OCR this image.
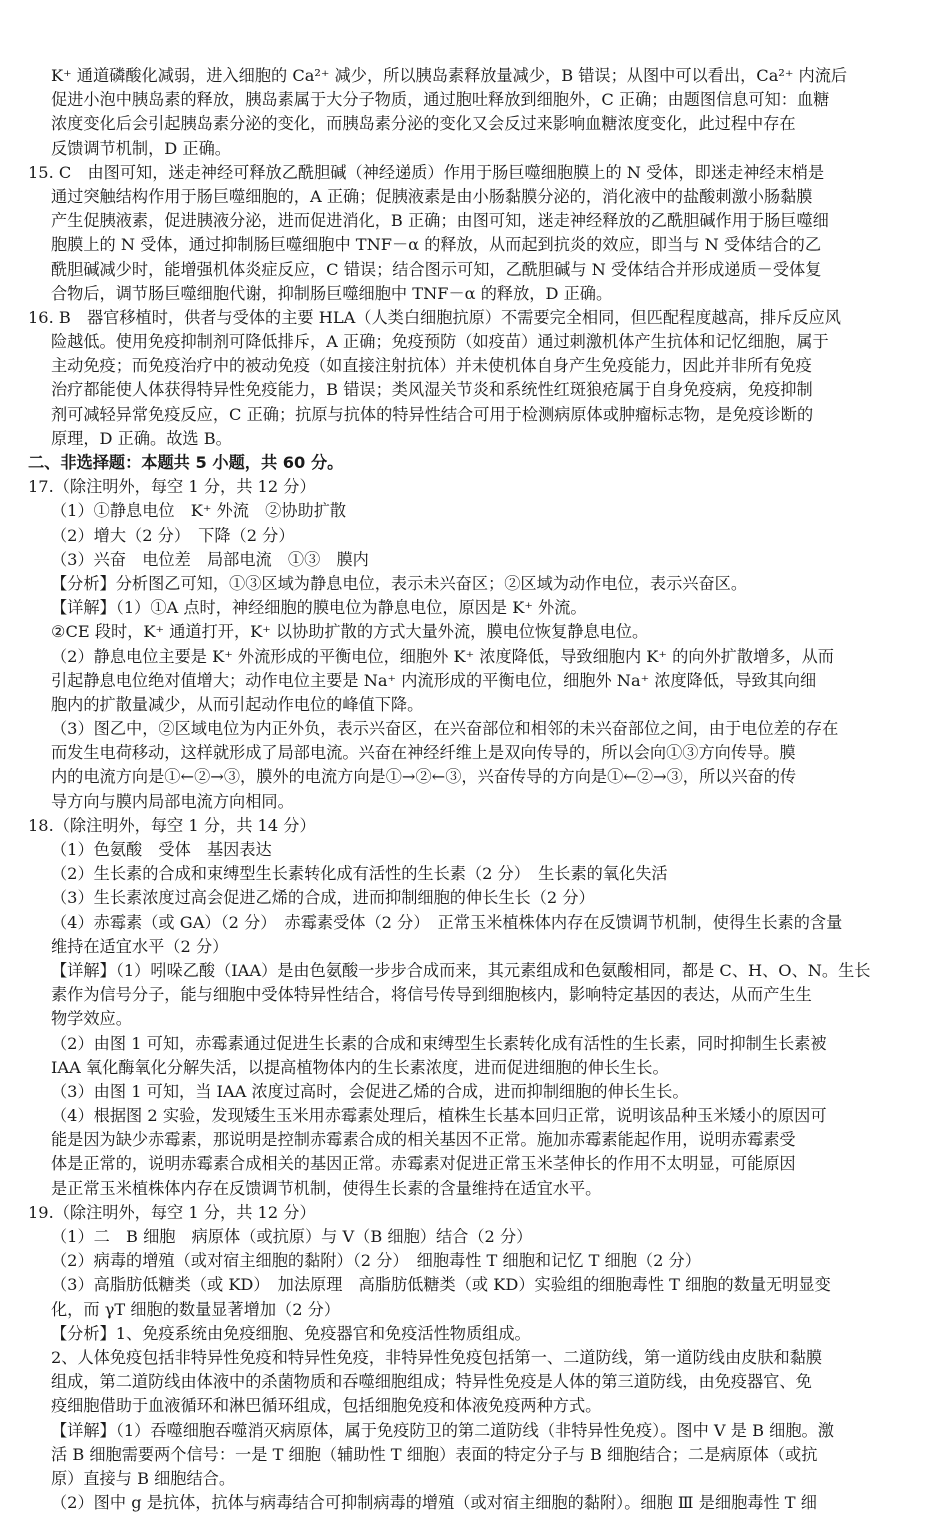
K⁺ 通道磷酸化减弱，进入细胞的 Ca²⁺ 减少，所以胰岛素释放量减少，B 错误；从图中可以看出，Ca²⁺ 内流后
促进小泡中胰岛素的释放，胰岛素属于大分子物质，通过胞吐释放到细胞外，C 正确；由题图信息可知：血糖
浓度变化后会引起胰岛素分泌的变化，而胰岛素分泌的变化又会反过来影响血糖浓度变化，此过程中存在
反馈调节机制，D 正确。
15. C　由图可知，迷走神经可释放乙酰胆碱（神经递质）作用于肠巨噬细胞膜上的 N 受体，即迷走神经末梢是
通过突触结构作用于肠巨噬细胞的，A 正确；促胰液素是由小肠黏膜分泌的，消化液中的盐酸刺激小肠黏膜
产生促胰液素，促进胰液分泌，进而促进消化，B 正确；由图可知，迷走神经释放的乙酰胆碱作用于肠巨噬细
胞膜上的 N 受体，通过抑制肠巨噬细胞中 TNF－α 的释放，从而起到抗炎的效应，即当与 N 受体结合的乙
酰胆碱减少时，能增强机体炎症反应，C 错误；结合图示可知，乙酰胆碱与 N 受体结合并形成递质－受体复
合物后，调节肠巨噬细胞代谢，抑制肠巨噬细胞中 TNF－α 的释放，D 正确。
16. B　器官移植时，供者与受体的主要 HLA（人类白细胞抗原）不需要完全相同，但匹配程度越高，排斥反应风
险越低。使用免疫抑制剂可降低排斥，A 正确；免疫预防（如疫苗）通过刺激机体产生抗体和记忆细胞，属于
主动免疫；而免疫治疗中的被动免疫（如直接注射抗体）并未使机体自身产生免疫能力，因此并非所有免疫
治疗都能使人体获得特异性免疫能力，B 错误；类风湿关节炎和系统性红斑狼疮属于自身免疫病，免疫抑制
剂可减轻异常免疫反应，C 正确；抗原与抗体的特异性结合可用于检测病原体或肿瘤标志物，是免疫诊断的
原理，D 正确。故选 B。
二、非选择题：本题共 5 小题，共 60 分。
17.（除注明外，每空 1 分，共 12 分）
（1）①静息电位　K⁺ 外流　②协助扩散
（2）增大（2 分）　下降（2 分）
（3）兴奋　电位差　局部电流　①③　膜内
【分析】分析图乙可知，①③区域为静息电位，表示未兴奋区；②区域为动作电位，表示兴奋区。
【详解】（1）①A 点时，神经细胞的膜电位为静息电位，原因是 K⁺ 外流。
②CE 段时，K⁺ 通道打开，K⁺ 以协助扩散的方式大量外流，膜电位恢复静息电位。
（2）静息电位主要是 K⁺ 外流形成的平衡电位，细胞外 K⁺ 浓度降低，导致细胞内 K⁺ 的向外扩散增多，从而
引起静息电位绝对值增大；动作电位主要是 Na⁺ 内流形成的平衡电位，细胞外 Na⁺ 浓度降低，导致其向细
胞内的扩散量减少，从而引起动作电位的峰值下降。
（3）图乙中，②区域电位为内正外负，表示兴奋区，在兴奋部位和相邻的未兴奋部位之间，由于电位差的存在
而发生电荷移动，这样就形成了局部电流。兴奋在神经纤维上是双向传导的，所以会向①③方向传导。膜
内的电流方向是①←②→③，膜外的电流方向是①→②←③，兴奋传导的方向是①←②→③，所以兴奋的传
导方向与膜内局部电流方向相同。
18.（除注明外，每空 1 分，共 14 分）
（1）色氨酸　受体　基因表达
（2）生长素的合成和束缚型生长素转化成有活性的生长素（2 分）　生长素的氧化失活
（3）生长素浓度过高会促进乙烯的合成，进而抑制细胞的伸长生长（2 分）
（4）赤霉素（或 GA）（2 分）　赤霉素受体（2 分）　正常玉米植株体内存在反馈调节机制，使得生长素的含量
维持在适宜水平（2 分）
【详解】（1）吲哚乙酸（IAA）是由色氨酸一步步合成而来，其元素组成和色氨酸相同，都是 C、H、O、N。生长
素作为信号分子，能与细胞中受体特异性结合，将信号传导到细胞核内，影响特定基因的表达，从而产生生
物学效应。
（2）由图 1 可知，赤霉素通过促进生长素的合成和束缚型生长素转化成有活性的生长素，同时抑制生长素被
IAA 氧化酶氧化分解失活，以提高植物体内的生长素浓度，进而促进细胞的伸长生长。
（3）由图 1 可知，当 IAA 浓度过高时，会促进乙烯的合成，进而抑制细胞的伸长生长。
（4）根据图 2 实验，发现矮生玉米用赤霉素处理后，植株生长基本回归正常，说明该品种玉米矮小的原因可
能是因为缺少赤霉素，那说明是控制赤霉素合成的相关基因不正常。施加赤霉素能起作用，说明赤霉素受
体是正常的，说明赤霉素合成相关的基因正常。赤霉素对促进正常玉米茎伸长的作用不太明显，可能原因
是正常玉米植株体内存在反馈调节机制，使得生长素的含量维持在适宜水平。
19.（除注明外，每空 1 分，共 12 分）
（1）二　B 细胞　病原体（或抗原）与 V（B 细胞）结合（2 分）
（2）病毒的增殖（或对宿主细胞的黏附）（2 分）　细胞毒性 T 细胞和记忆 T 细胞（2 分）
（3）高脂肪低糖类（或 KD）　加法原理　高脂肪低糖类（或 KD）实验组的细胞毒性 T 细胞的数量无明显变
化，而 γT 细胞的数量显著增加（2 分）
【分析】1、免疫系统由免疫细胞、免疫器官和免疫活性物质组成。
2、人体免疫包括非特异性免疫和特异性免疫，非特异性免疫包括第一、二道防线，第一道防线由皮肤和黏膜
组成，第二道防线由体液中的杀菌物质和吞噬细胞组成；特异性免疫是人体的第三道防线，由免疫器官、免
疫细胞借助于血液循环和淋巴循环组成，包括细胞免疫和体液免疫两种方式。
【详解】（1）吞噬细胞吞噬消灭病原体，属于免疫防卫的第二道防线（非特异性免疫）。图中 Ⅴ 是 B 细胞。激
活 B 细胞需要两个信号：一是 T 细胞（辅助性 T 细胞）表面的特定分子与 B 细胞结合；二是病原体（或抗
原）直接与 B 细胞结合。
（2）图中 g 是抗体，抗体与病毒结合可抑制病毒的增殖（或对宿主细胞的黏附）。细胞 Ⅲ 是细胞毒性 T 细
